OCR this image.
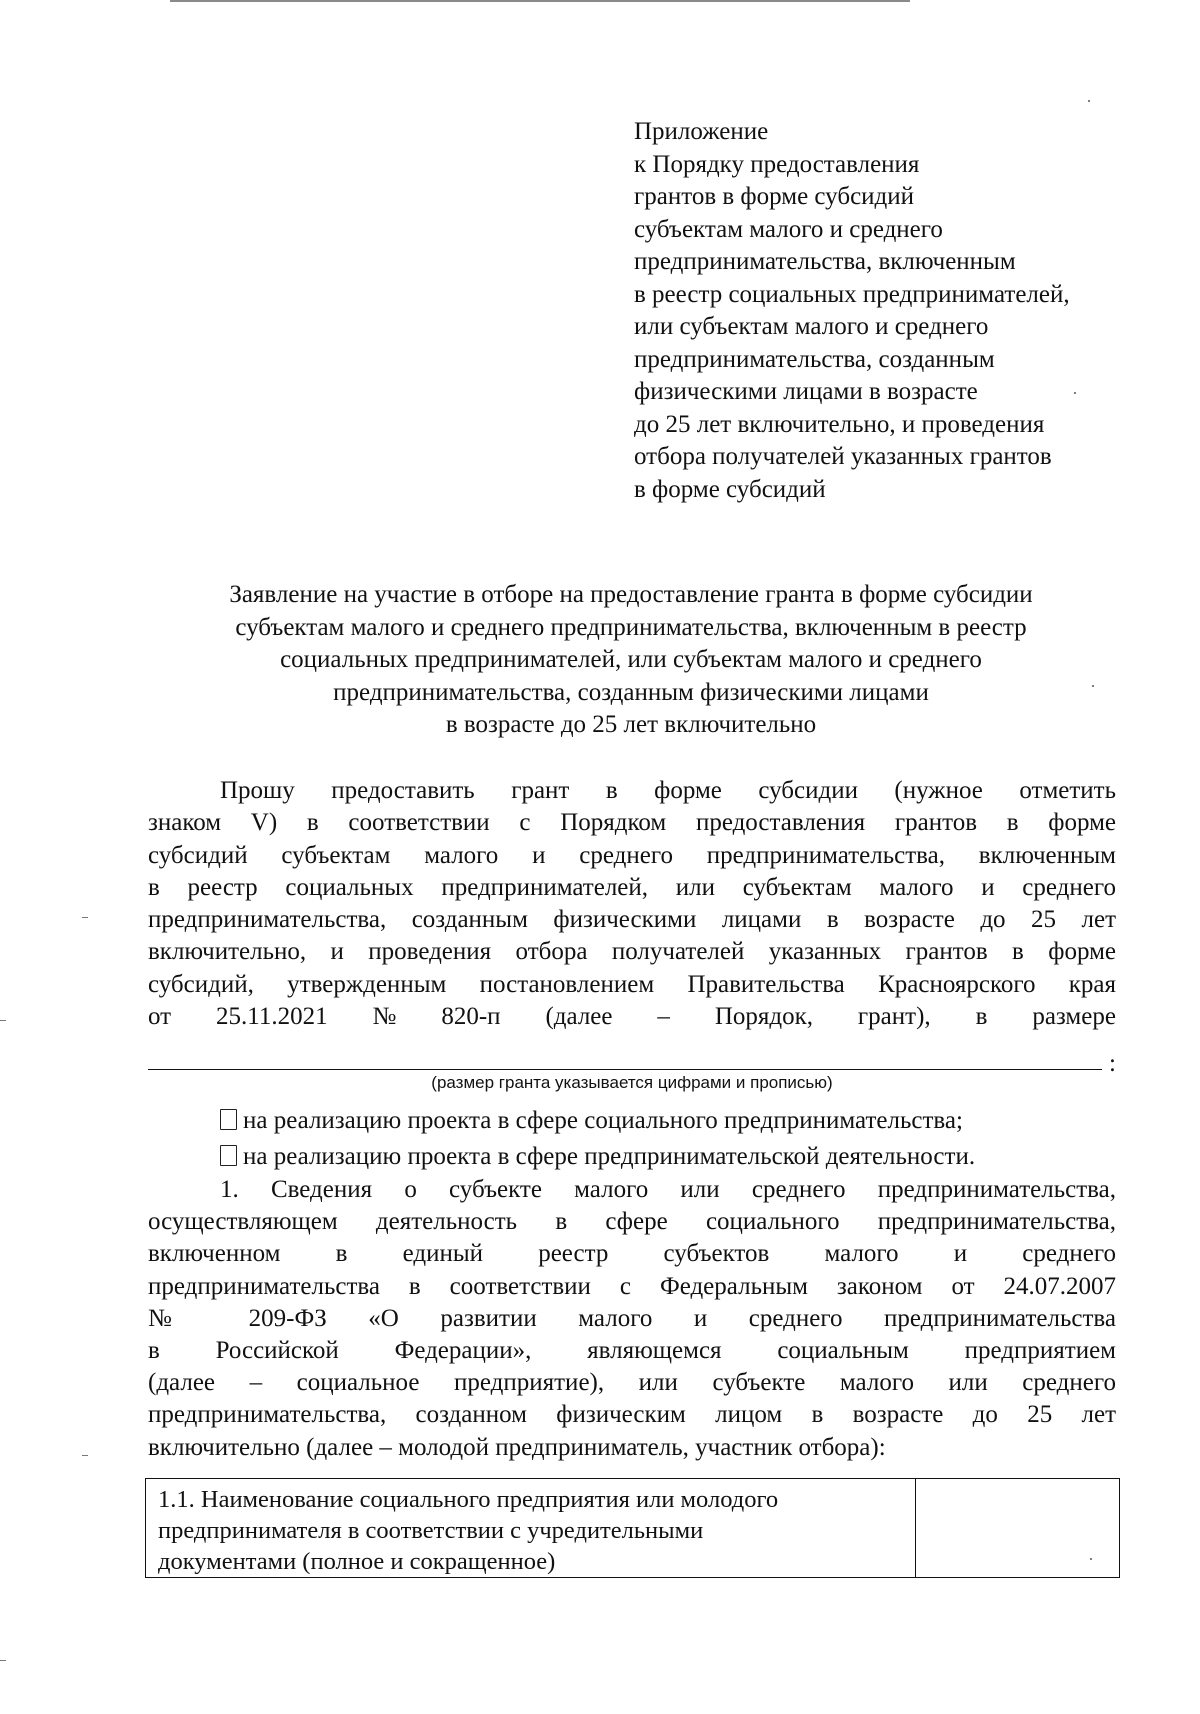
Приложение
к Порядку предоставления
грантов в форме субсидий
субъектам малого и среднего
предпринимательства, включенным
в реестр социальных предпринимателей,
или субъектам малого и среднего
предпринимательства, созданным
физическими лицами в возрасте
до 25 лет включительно, и проведения
отбора получателей указанных грантов
в форме субсидий
Заявление на участие в отборе на предоставление гранта в форме субсидии
субъектам малого и среднего предпринимательства, включенным в реестр
социальных предпринимателей, или субъектам малого и среднего
предпринимательства, созданным физическими лицами
в возрасте до 25 лет включительно
Прошу предоставить грант в форме субсидии (нужное отметить
знаком V) в соответствии с Порядком предоставления грантов в форме
субсидий субъектам малого и среднего предпринимательства, включенным
в реестр социальных предпринимателей, или субъектам малого и среднего
предпринимательства, созданным физическими лицами в возрасте до 25 лет
включительно, и проведения отбора получателей указанных грантов в форме
субсидий, утвержденным постановлением Правительства Красноярского края
от 25.11.2021 № 820-п (далее – Порядок, грант), в размере
:
(размер гранта указывается цифрами и прописью)
на реализацию проекта в сфере социального предпринимательства;
на реализацию проекта в сфере предпринимательской деятельности.
1. Сведения о субъекте малого или среднего предпринимательства,
осуществляющем деятельность в сфере социального предпринимательства,
включенном в единый реестр субъектов малого и среднего
предпринимательства в соответствии с Федеральным законом от 24.07.2007
№ 209-ФЗ «О развитии малого и среднего предпринимательства
в Российской Федерации», являющемся социальным предприятием
(далее – социальное предприятие), или субъекте малого или среднего
предпринимательства, созданном физическим лицом в возрасте до 25 лет
включительно (далее – молодой предприниматель, участник отбора):
1.1. Наименование социального предприятия или молодого
предпринимателя в соответствии с учредительными
документами (полное и сокращенное)
